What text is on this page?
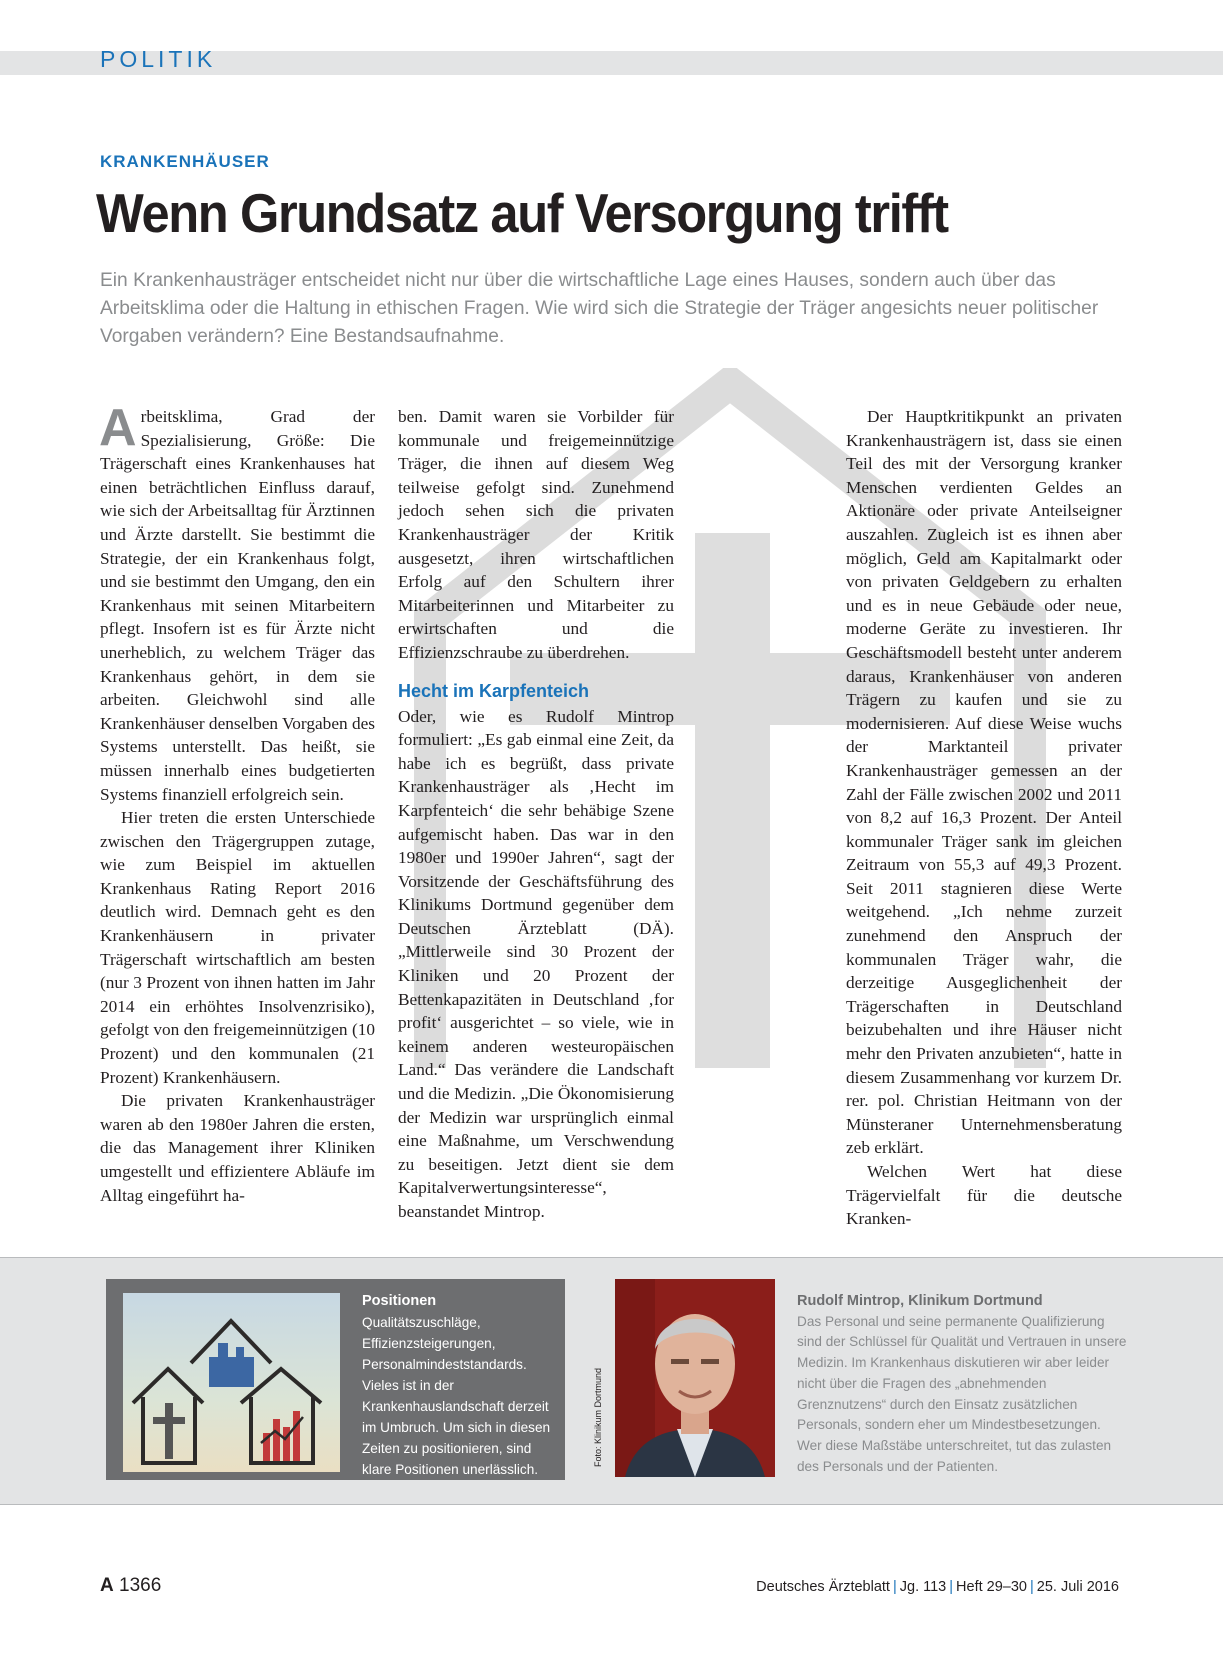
POLITIK
KRANKENHÄUSER
Wenn Grundsatz auf Versorgung trifft

Ein Krankenhausträger entscheidet nicht nur über die wirtschaftliche Lage eines Hauses, sondern auch über das Arbeitsklima oder die Haltung in ethischen Fragen. Wie wird sich die Strategie der Träger angesichts neuer politischer Vorgaben verändern? Eine Bestandsaufnahme.

Arbeitsklima, Grad der Spezialisierung, Größe: Die Trägerschaft eines Krankenhauses hat einen beträchtlichen Einfluss darauf, wie sich der Arbeitsalltag für Ärztinnen und Ärzte darstellt. Sie bestimmt die Strategie, der ein Krankenhaus folgt, und sie bestimmt den Umgang, den ein Krankenhaus mit seinen Mitarbeitern pflegt. Insofern ist es für Ärzte nicht unerheblich, zu welchem Träger das Krankenhaus gehört, in dem sie arbeiten. Gleichwohl sind alle Krankenhäuser denselben Vorgaben des Systems unterstellt. Das heißt, sie müssen innerhalb eines budgetierten Systems finanziell erfolgreich sein.

Hier treten die ersten Unterschiede zwischen den Trägergruppen zutage, wie zum Beispiel im aktuellen Krankenhaus Rating Report 2016 deutlich wird. Demnach geht es den Krankenhäusern in privater Trägerschaft wirtschaftlich am besten (nur 3 Prozent von ihnen hatten im Jahr 2014 ein erhöhtes Insolvenzrisiko), gefolgt von den freigemeinnützigen (10 Prozent) und den kommunalen (21 Prozent) Krankenhäusern.

Die privaten Krankenhausträger waren ab den 1980er Jahren die ersten, die das Management ihrer Kliniken umgestellt und effizientere Abläufe im Alltag eingeführt ha-

ben. Damit waren sie Vorbilder für kommunale und freigemeinnützige Träger, die ihnen auf diesem Weg teilweise gefolgt sind. Zunehmend jedoch sehen sich die privaten Krankenhausträger der Kritik ausgesetzt, ihren wirtschaftlichen Erfolg auf den Schultern ihrer Mitarbeiterinnen und Mitarbeiter zu erwirtschaften und die Effizienzschraube zu überdrehen.

Hecht im Karpfenteich

Oder, wie es Rudolf Mintrop formuliert: „Es gab einmal eine Zeit, da habe ich es begrüßt, dass private Krankenhausträger als ‚Hecht im Karpfenteich‘ die sehr behäbige Szene aufgemischt haben. Das war in den 1980er und 1990er Jahren“, sagt der Vorsitzende der Geschäftsführung des Klinikums Dortmund gegenüber dem Deutschen Ärzteblatt (DÄ). „Mittlerweile sind 30 Prozent der Kliniken und 20 Prozent der Bettenkapazitäten in Deutschland ‚for profit‘ ausgerichtet – so viele, wie in keinem anderen westeuropäischen Land.“ Das verändere die Landschaft und die Medizin. „Die Ökonomisierung der Medizin war ursprünglich einmal eine Maßnahme, um Verschwendung zu beseitigen. Jetzt dient sie dem Kapitalverwertungsinteresse“, beanstandet Mintrop.

Der Hauptkritikpunkt an privaten Krankenhausträgern ist, dass sie einen Teil des mit der Versorgung kranker Menschen verdienten Geldes an Aktionäre oder private Anteilseigner auszahlen. Zugleich ist es ihnen aber möglich, Geld am Kapitalmarkt oder von privaten Geldgebern zu erhalten und es in neue Gebäude oder neue, moderne Geräte zu investieren. Ihr Geschäftsmodell besteht unter anderem daraus, Krankenhäuser von anderen Trägern zu kaufen und sie zu modernisieren. Auf diese Weise wuchs der Marktanteil privater Krankenhausträger gemessen an der Zahl der Fälle zwischen 2002 und 2011 von 8,2 auf 16,3 Prozent. Der Anteil kommunaler Träger sank im gleichen Zeitraum von 55,3 auf 49,3 Prozent. Seit 2011 stagnieren diese Werte weitgehend. „Ich nehme zurzeit zunehmend den Anspruch der kommunalen Träger wahr, die derzeitige Ausgeglichenheit der Trägerschaften in Deutschland beizubehalten und ihre Häuser nicht mehr den Privaten anzubieten“, hatte in diesem Zusammenhang vor kurzem Dr. rer. pol. Christian Heitmann von der Münsteraner Unternehmensberatung zeb erklärt.

Welchen Wert hat diese Trägervielfalt für die deutsche Kranken-

Positionen
Qualitätszuschläge, Effizienzsteigerungen, Personalmindeststandards. Vieles ist in der Krankenhauslandschaft derzeit im Umbruch. Um sich in diesen Zeiten zu positionieren, sind klare Positionen unerlässlich.
Foto: Klinikum Dortmund
Rudolf Mintrop, Klinikum Dortmund
Das Personal und seine permanente Qualifizierung sind der Schlüssel für Qualität und Vertrauen in unsere Medizin. Im Krankenhaus diskutieren wir aber leider nicht über die Fragen des „abnehmenden Grenznutzens“ durch den Einsatz zusätzlichen Personals, sondern eher um Mindestbesetzungen. Wer diese Maßstäbe unterschreitet, tut das zulasten des Personals und der Patienten.
A 1366	Deutsches Ärzteblatt | Jg. 113 | Heft 29–30 | 25. Juli 2016
